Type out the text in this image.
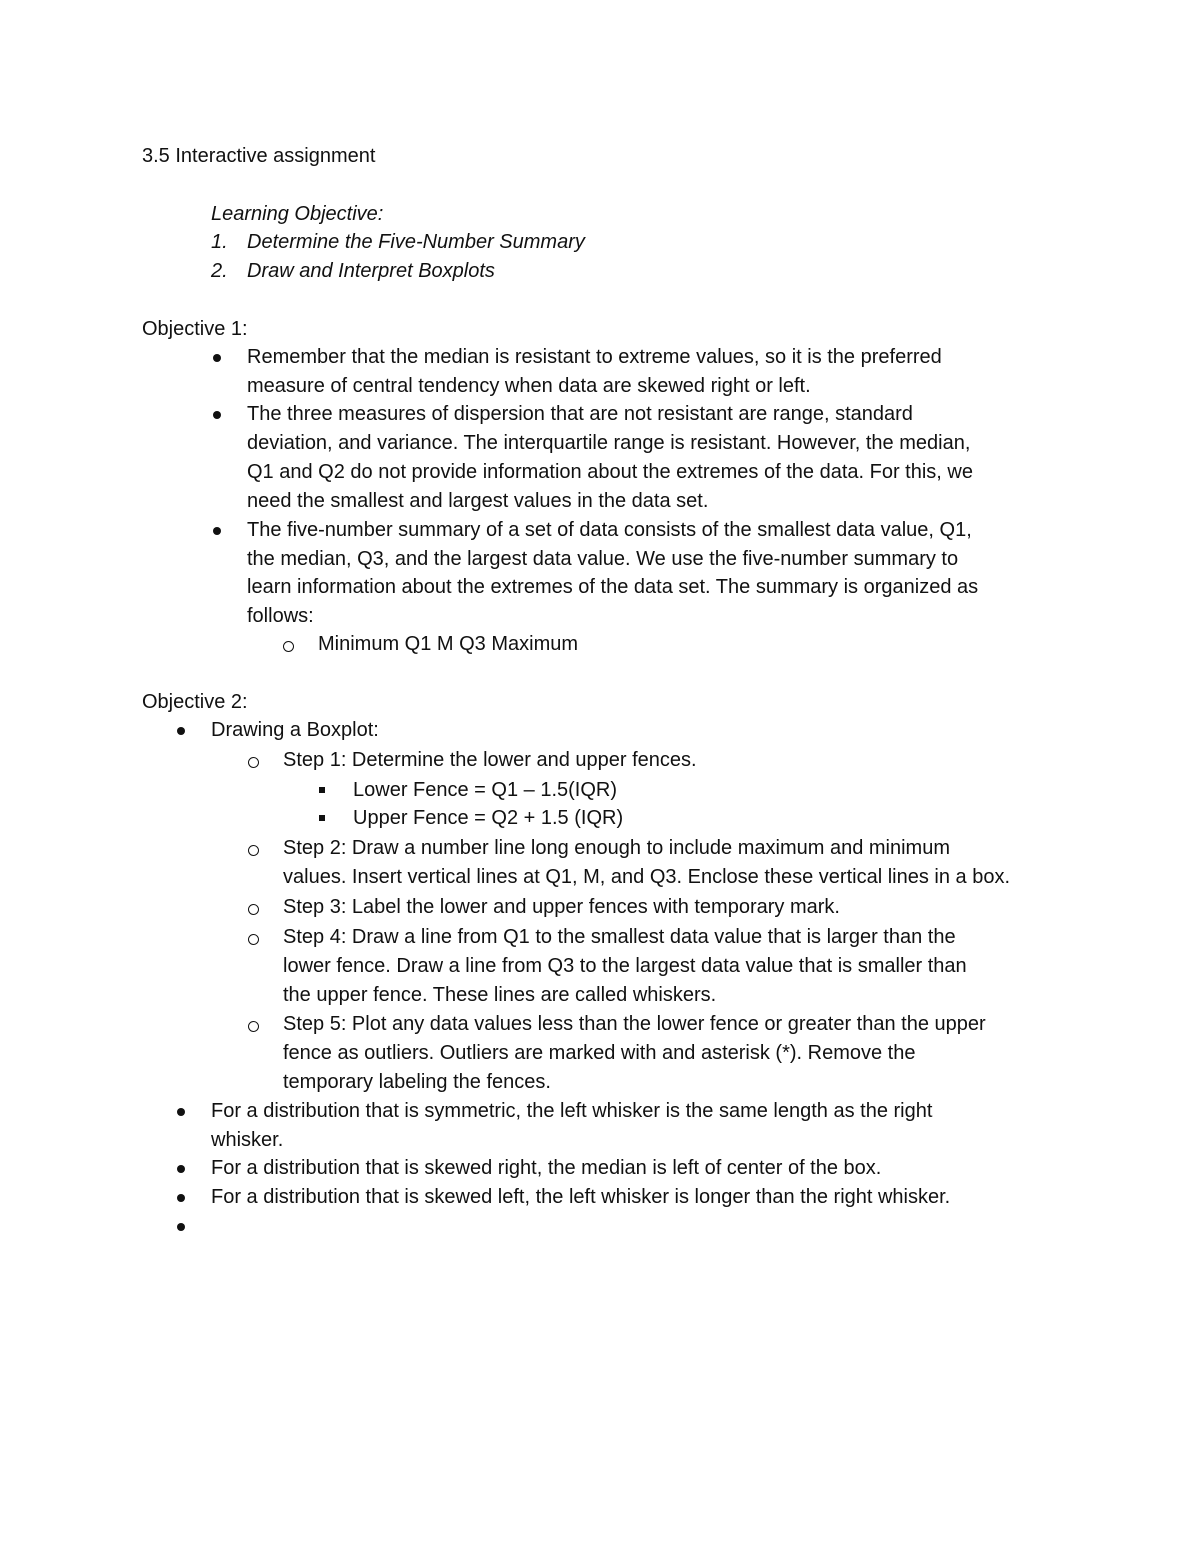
3.5 Interactive assignment
Learning Objective:
1. Determine the Five-Number Summary
2. Draw and Interpret Boxplots
Objective 1:
Remember that the median is resistant to extreme values, so it is the preferred
measure of central tendency when data are skewed right or left.
The three measures of dispersion that are not resistant are range, standard
deviation, and variance. The interquartile range is resistant. However, the median,
Q1 and Q2 do not provide information about the extremes of the data. For this, we
need the smallest and largest values in the data set.
The five-number summary of a set of data consists of the smallest data value, Q1,
the median, Q3, and the largest data value. We use the five-number summary to
learn information about the extremes of the data set. The summary is organized as
follows:
Minimum Q1 M Q3 Maximum
Objective 2:
Drawing a Boxplot:
Step 1: Determine the lower and upper fences.
Lower Fence = Q1 – 1.5(IQR)
Upper Fence = Q2 + 1.5 (IQR)
Step 2: Draw a number line long enough to include maximum and minimum
values. Insert vertical lines at Q1, M, and Q3. Enclose these vertical lines in a box.
Step 3: Label the lower and upper fences with temporary mark.
Step 4: Draw a line from Q1 to the smallest data value that is larger than the
lower fence. Draw a line from Q3 to the largest data value that is smaller than
the upper fence. These lines are called whiskers.
Step 5: Plot any data values less than the lower fence or greater than the upper
fence as outliers. Outliers are marked with and asterisk (*). Remove the
temporary labeling the fences.
For a distribution that is symmetric, the left whisker is the same length as the right
whisker.
For a distribution that is skewed right, the median is left of center of the box.
For a distribution that is skewed left, the left whisker is longer than the right whisker.
